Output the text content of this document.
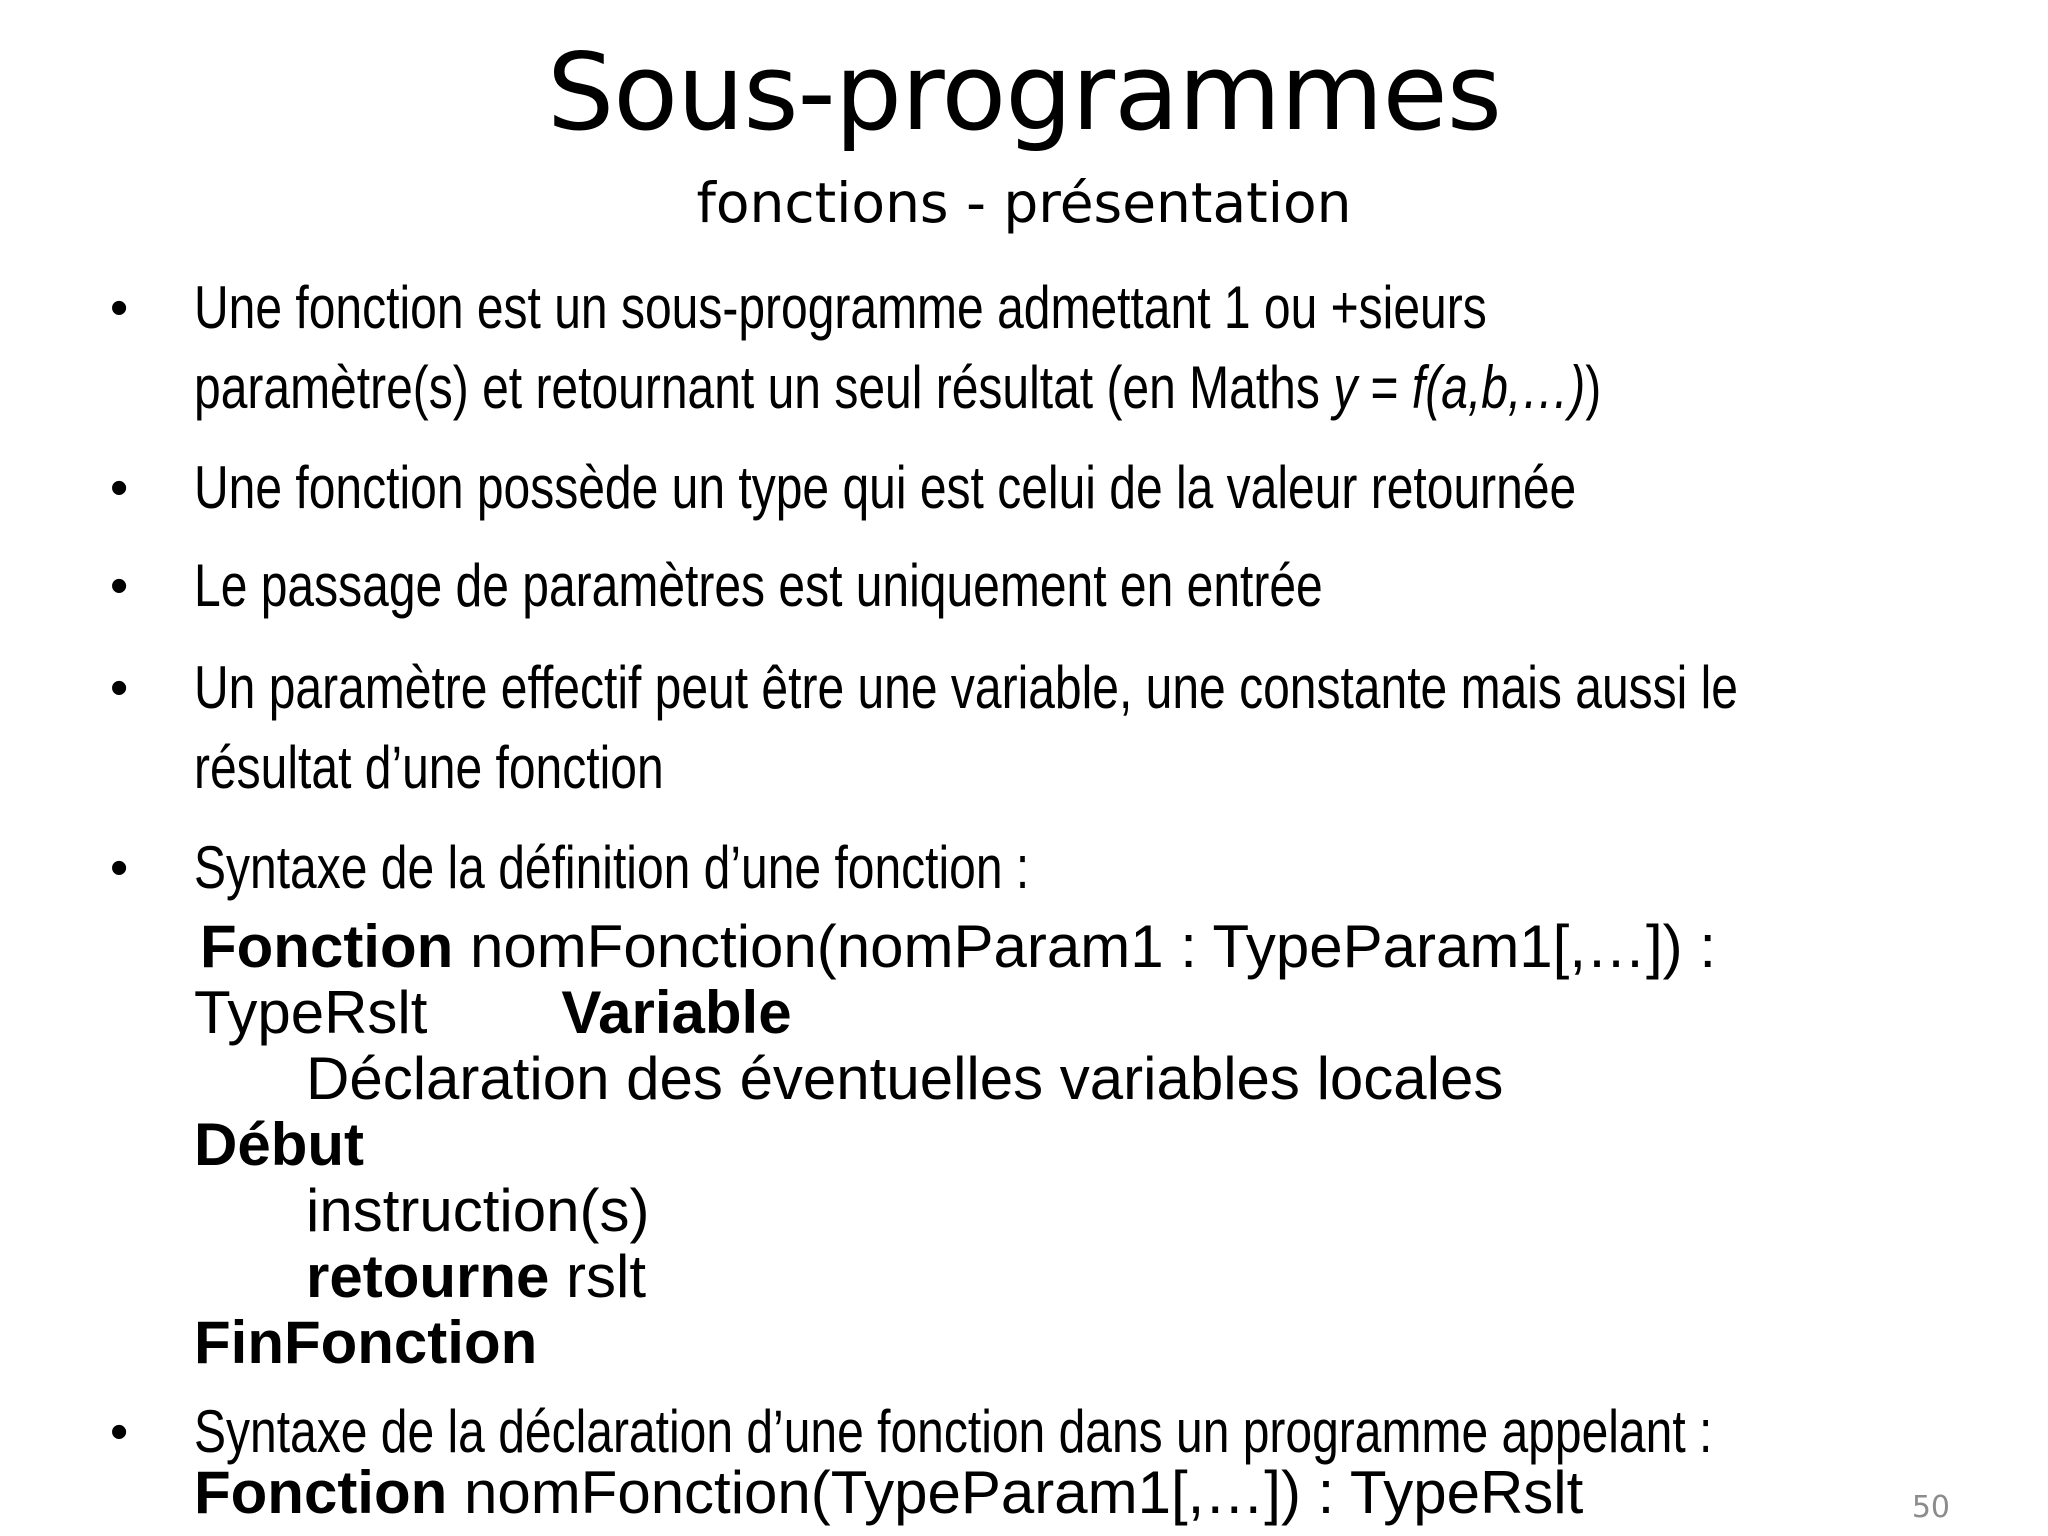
Sous-programmes
fonctions - présentation
• Une fonction est un sous-programme admettant 1 ou +sieurs
paramètre(s) et retournant un seul résultat (en Maths y = f(a,b,…))
• Une fonction possède un type qui est celui de la valeur retournée
• Le passage de paramètres est uniquement en entrée
• Un paramètre effectif peut être une variable, une constante mais aussi le
résultat d’une fonction
• Syntaxe de la définition d’une fonction :
Fonction nomFonction(nomParam1 : TypeParam1[,…]) :
TypeRslt Variable
Déclaration des éventuelles variables locales
Début
instruction(s)
retourne rslt
FinFonction
• Syntaxe de la déclaration d’une fonction dans un programme appelant :
Fonction nomFonction(TypeParam1[,…]) : TypeRslt	50
